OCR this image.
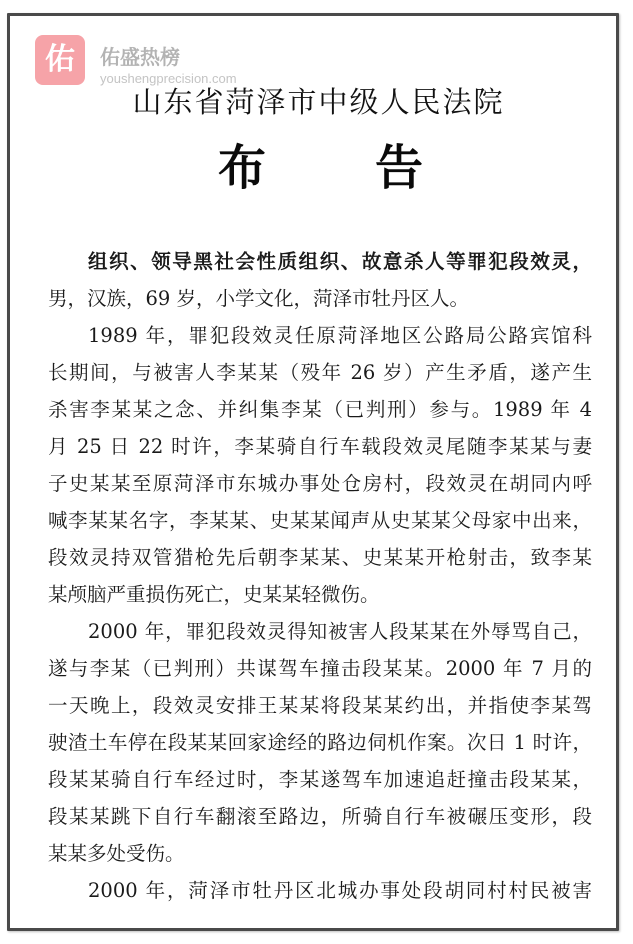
佑	佑盛热榜
youshengprecision.com
山东省菏泽市中级人民法院
布 告
组织、领导黑社会性质组织、故意杀人等罪犯段效灵，
男，汉族，69 岁，小学文化，菏泽市牡丹区人。
1989 年，罪犯段效灵任原菏泽地区公路局公路宾馆科
长期间，与被害人李某某（殁年 26 岁）产生矛盾，遂产生
杀害李某某之念、并纠集李某（已判刑）参与。1989 年 4
月 25 日 22 时许，李某骑自行车载段效灵尾随李某某与妻
子史某某至原菏泽市东城办事处仓房村，段效灵在胡同内呼
喊李某某名字，李某某、史某某闻声从史某某父母家中出来，
段效灵持双管猎枪先后朝李某某、史某某开枪射击，致李某
某颅脑严重损伤死亡，史某某轻微伤。
2000 年，罪犯段效灵得知被害人段某某在外辱骂自己，
遂与李某（已判刑）共谋驾车撞击段某某。2000 年 7 月的
一天晚上，段效灵安排王某某将段某某约出，并指使李某驾
驶渣土车停在段某某回家途经的路边伺机作案。次日 1 时许，
段某某骑自行车经过时，李某遂驾车加速追赶撞击段某某，
段某某跳下自行车翻滚至路边，所骑自行车被碾压变形，段
某某多处受伤。
2000 年，菏泽市牡丹区北城办事处段胡同村村民被害
